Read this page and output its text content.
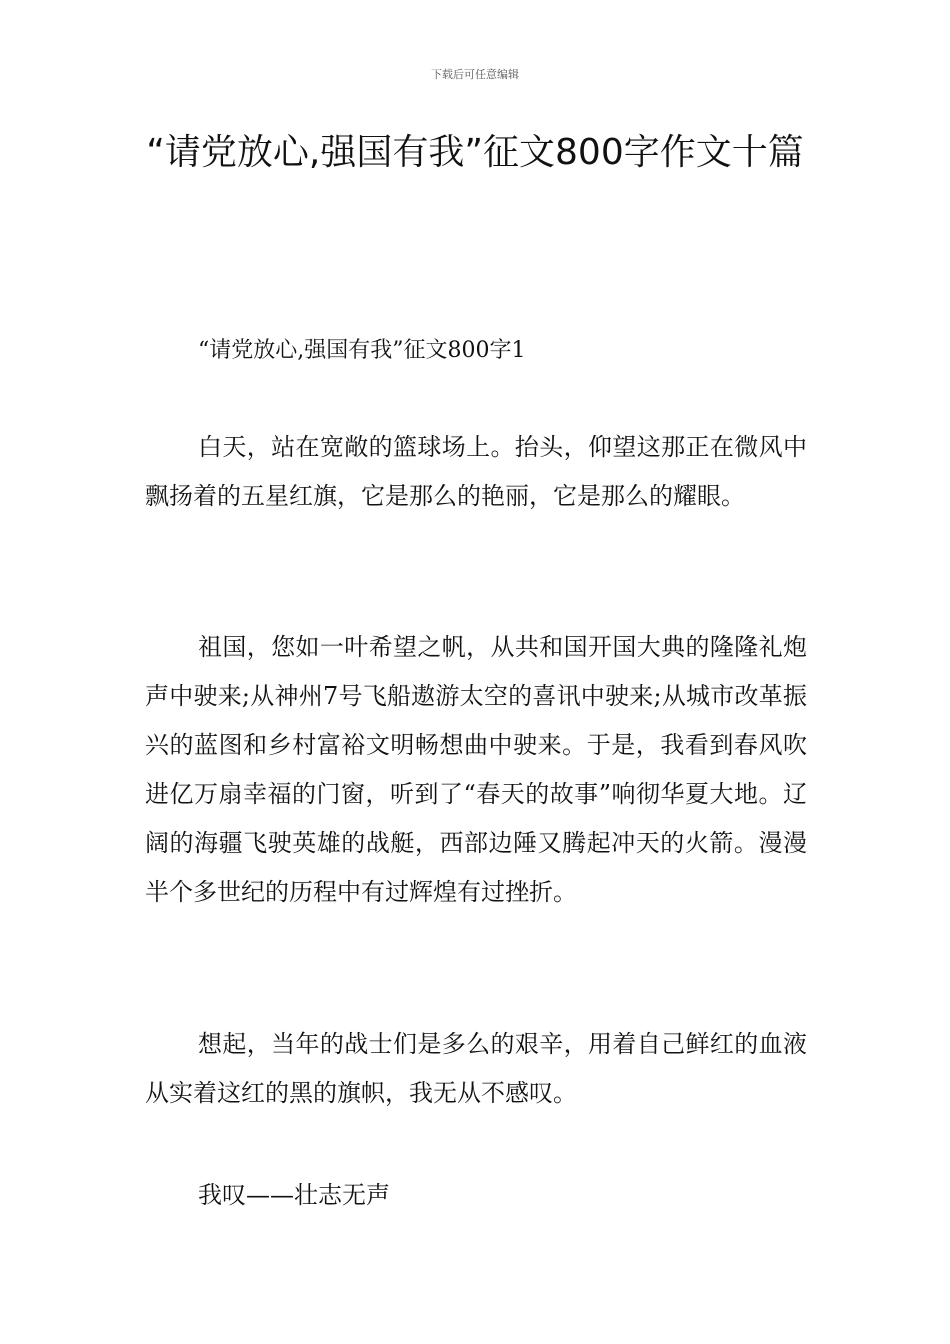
下载后可任意编辑
“请党放心,强国有我”征文800字作文十篇
“请党放心,强国有我”征文800字1

白天，站在宽敞的篮球场上。抬头，仰望这那正在微风中飘扬着的五星红旗，它是那么的艳丽，它是那么的耀眼。

祖国，您如一叶希望之帆，从共和国开国大典的隆隆礼炮声中驶来;从神州7号飞船遨游太空的喜讯中驶来;从城市改革振兴的蓝图和乡村富裕文明畅想曲中驶来。于是，我看到春风吹进亿万扇幸福的门窗，听到了“春天的故事”响彻华夏大地。辽阔的海疆飞驶英雄的战艇，西部边陲又腾起冲天的火箭。漫漫半个多世纪的历程中有过辉煌有过挫折。

想起，当年的战士们是多么的艰辛，用着自己鲜红的血液从实着这红的黑的旗帜，我无从不感叹。

我叹——壮志无声
